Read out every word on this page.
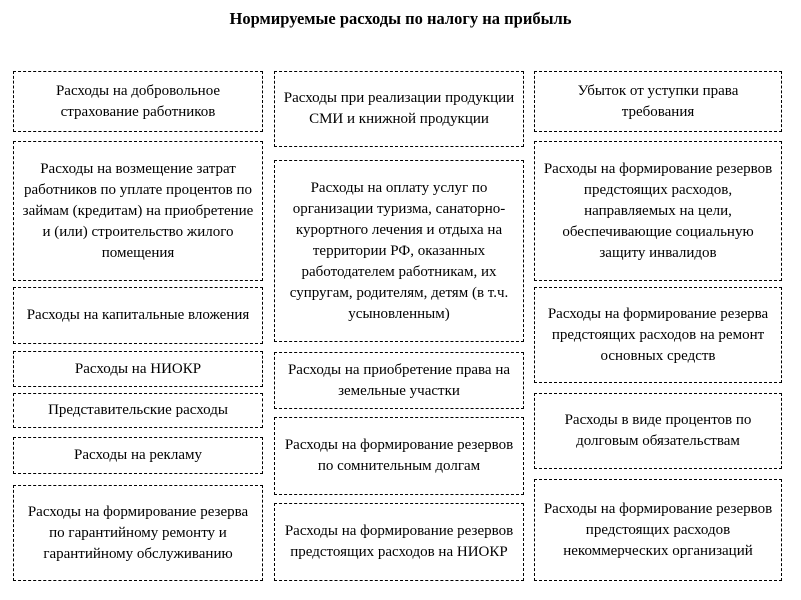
Нормируемые расходы по налогу на прибыль
Расходы на добровольное страхование работников
Расходы на возмещение затрат работников по уплате процентов по займам (кредитам) на приобретение и (или) строительство жилого помещения
Расходы на капитальные вложения
Расходы на НИОКР
Представительские расходы
Расходы на рекламу
Расходы на формирование резерва по гарантийному ремонту и гарантийному обслуживанию
Расходы при реализации продукции СМИ и книжной продукции
Расходы на оплату услуг по организации туризма, санаторно-курортного лечения и отдыха на территории РФ, оказанных работодателем работникам, их супругам, родителям, детям (в т.ч. усыновленным)
Расходы на приобретение права на земельные участки
Расходы на формирование резервов по сомнительным долгам
Расходы на формирование резервов предстоящих расходов на НИОКР
Убыток от уступки права требования
Расходы на формирование резервов предстоящих расходов, направляемых на цели, обеспечивающие социальную защиту инвалидов
Расходы на формирование резерва предстоящих расходов на ремонт основных средств
Расходы в виде процентов по долговым обязательствам
Расходы на формирование резервов предстоящих расходов некоммерческих организаций
